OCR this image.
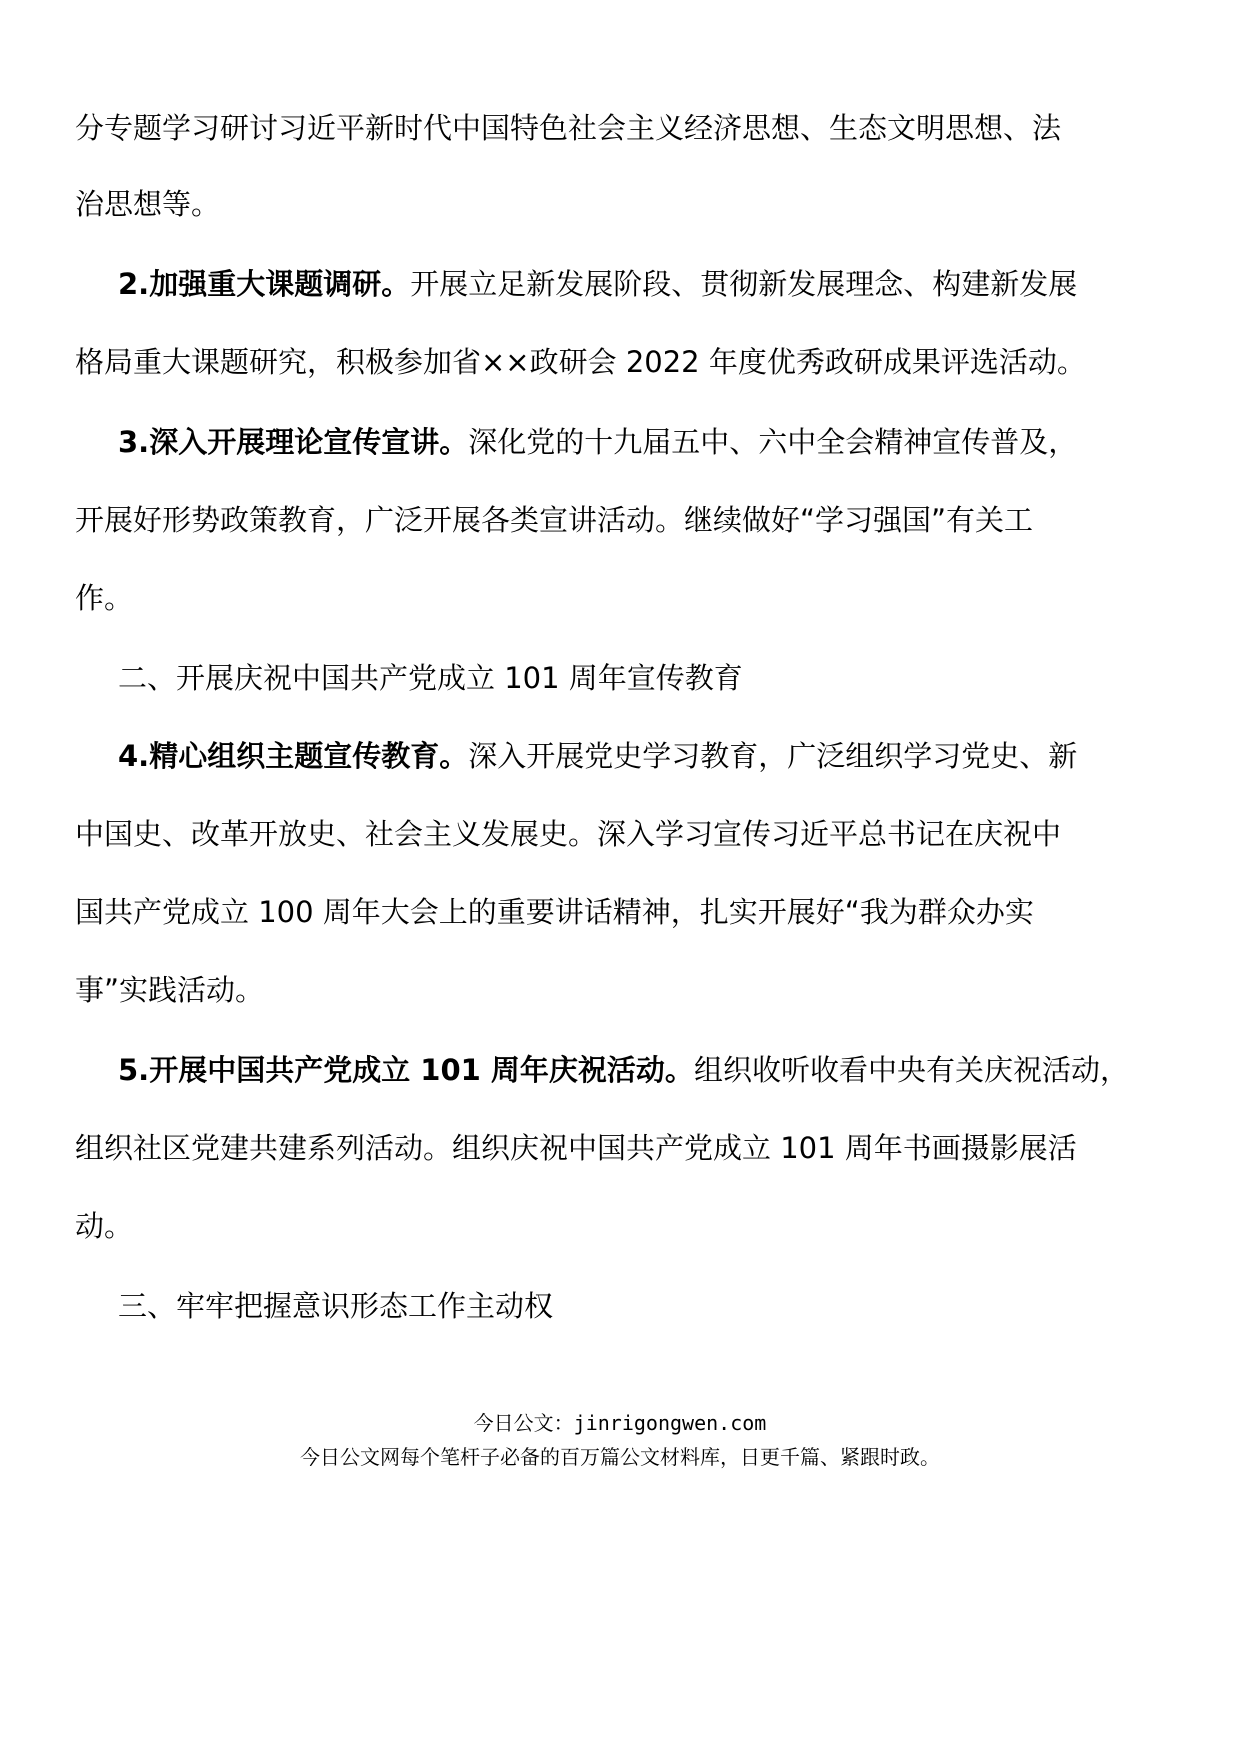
分专题学习研讨习近平新时代中国特色社会主义经济思想、生态文明思想、法
治思想等。
2.加强重大课题调研。开展立足新发展阶段、贯彻新发展理念、构建新发展
格局重大课题研究，积极参加省××政研会 2022 年度优秀政研成果评选活动。
3.深入开展理论宣传宣讲。深化党的十九届五中、六中全会精神宣传普及，
开展好形势政策教育，广泛开展各类宣讲活动。继续做好“学习强国”有关工
作。
二、开展庆祝中国共产党成立 101 周年宣传教育
4.精心组织主题宣传教育。深入开展党史学习教育，广泛组织学习党史、新
中国史、改革开放史、社会主义发展史。深入学习宣传习近平总书记在庆祝中
国共产党成立 100 周年大会上的重要讲话精神，扎实开展好“我为群众办实
事”实践活动。
5.开展中国共产党成立 101 周年庆祝活动。组织收听收看中央有关庆祝活动，
组织社区党建共建系列活动。组织庆祝中国共产党成立 101 周年书画摄影展活
动。
三、牢牢把握意识形态工作主动权
今日公文：jinrigongwen.com
今日公文网每个笔杆子必备的百万篇公文材料库，日更千篇、紧跟时政。
